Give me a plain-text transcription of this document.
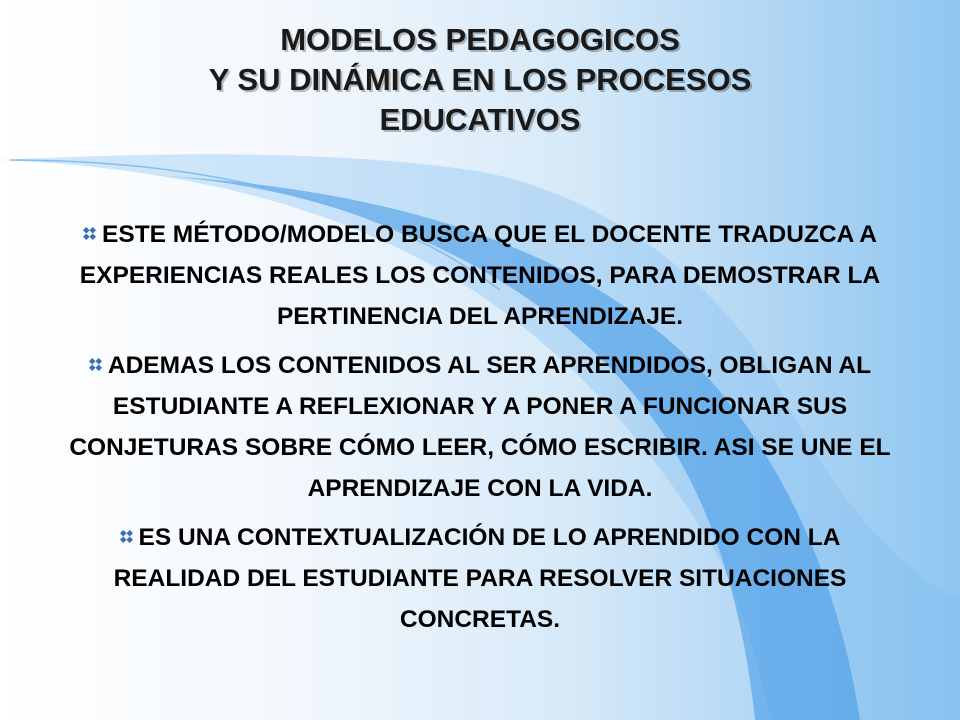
MODELOS PEDAGOGICOS
Y SU DINÁMICA EN LOS PROCESOS
EDUCATIVOS
ESTE MÉTODO/MODELO BUSCA QUE EL DOCENTE TRADUZCA A EXPERIENCIAS REALES LOS CONTENIDOS, PARA DEMOSTRAR LA PERTINENCIA DEL APRENDIZAJE.
ADEMAS LOS CONTENIDOS AL SER APRENDIDOS, OBLIGAN AL ESTUDIANTE A REFLEXIONAR Y A PONER A FUNCIONAR SUS CONJETURAS SOBRE CÓMO LEER, CÓMO ESCRIBIR. ASI SE UNE EL APRENDIZAJE CON LA VIDA.
ES UNA CONTEXTUALIZACIÓN DE LO APRENDIDO CON LA REALIDAD DEL ESTUDIANTE PARA RESOLVER SITUACIONES CONCRETAS.
